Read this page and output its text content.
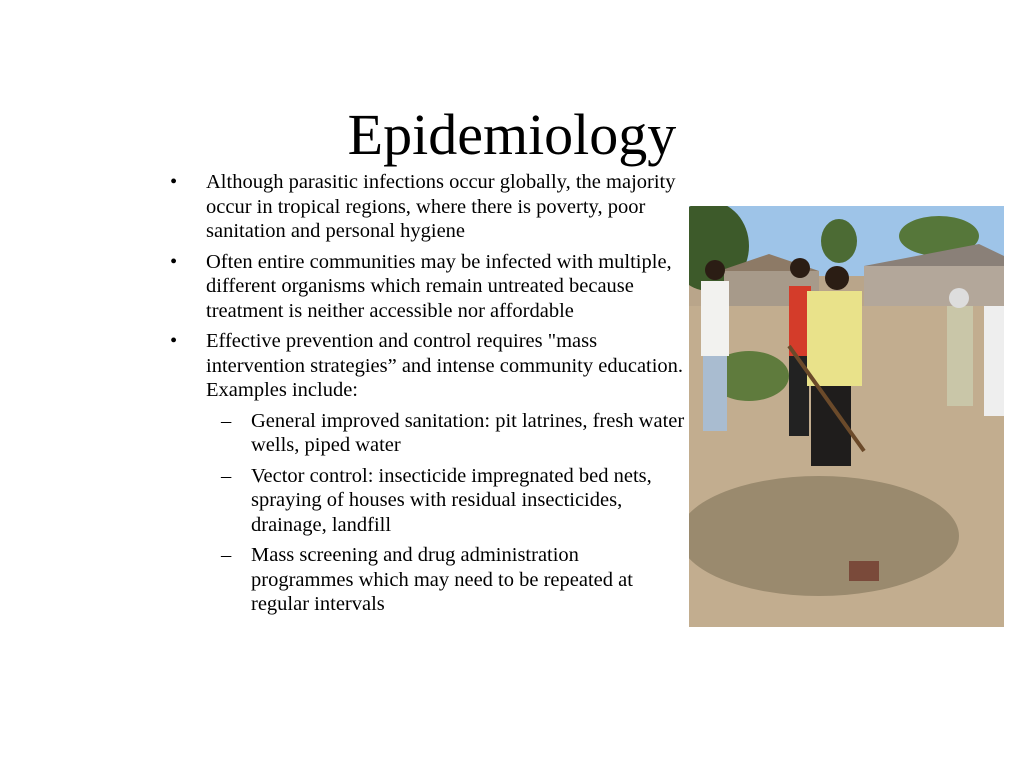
Epidemiology
• Although parasitic infections occur globally, the majority occur in tropical regions, where there is poverty, poor sanitation and personal hygiene
• Often entire communities may be infected with multiple, different organisms which remain untreated because treatment is neither accessible nor affordable
• Effective prevention and control requires "mass intervention strategies” and intense community education. Examples include:
– General improved sanitation: pit latrines, fresh water wells, piped water
– Vector control: insecticide impregnated bed nets, spraying of houses with residual insecticides, drainage, landfill
– Mass screening and drug administration programmes which may need to be repeated at regular intervals
